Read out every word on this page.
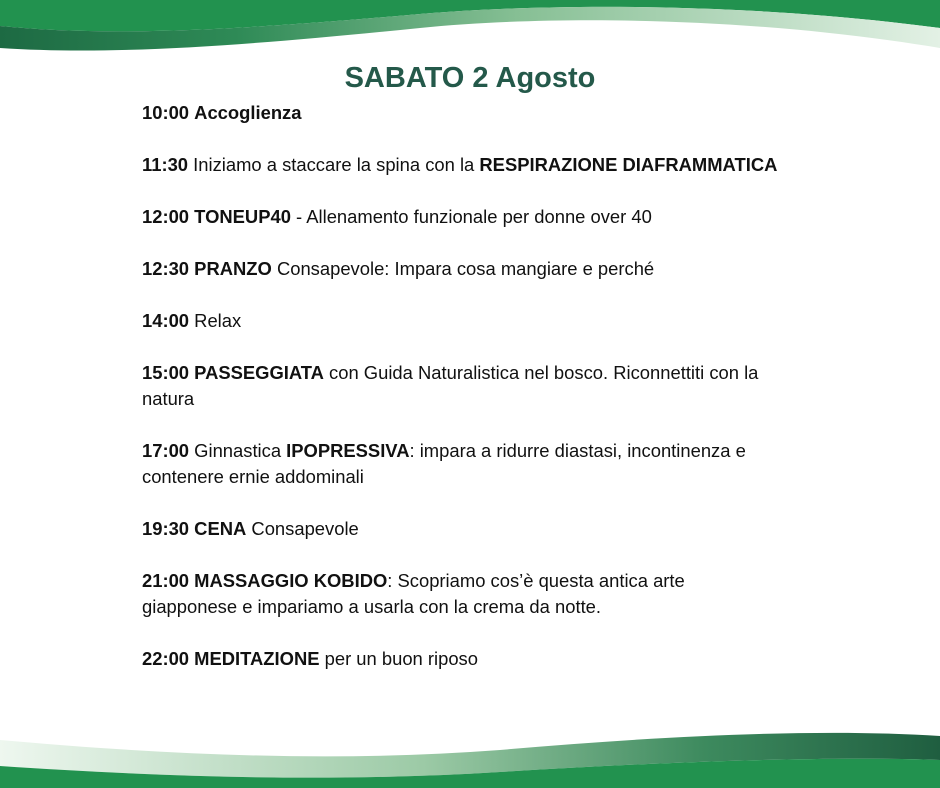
SABATO 2 Agosto
10:00 Accoglienza
11:30 Iniziamo a staccare la spina con la RESPIRAZIONE DIAFRAMMATICA
12:00 TONEUP40 - Allenamento funzionale per donne over 40
12:30 PRANZO Consapevole: Impara cosa mangiare e perché
14:00 Relax
15:00 PASSEGGIATA con Guida Naturalistica nel bosco. Riconnettiti con la natura
17:00 Ginnastica IPOPRESSIVA: impara a ridurre diastasi, incontinenza e contenere ernie addominali
19:30 CENA Consapevole
21:00 MASSAGGIO KOBIDO: Scopriamo cos’è questa antica arte giapponese e impariamo a usarla con la crema da notte.
22:00 MEDITAZIONE per un buon riposo
